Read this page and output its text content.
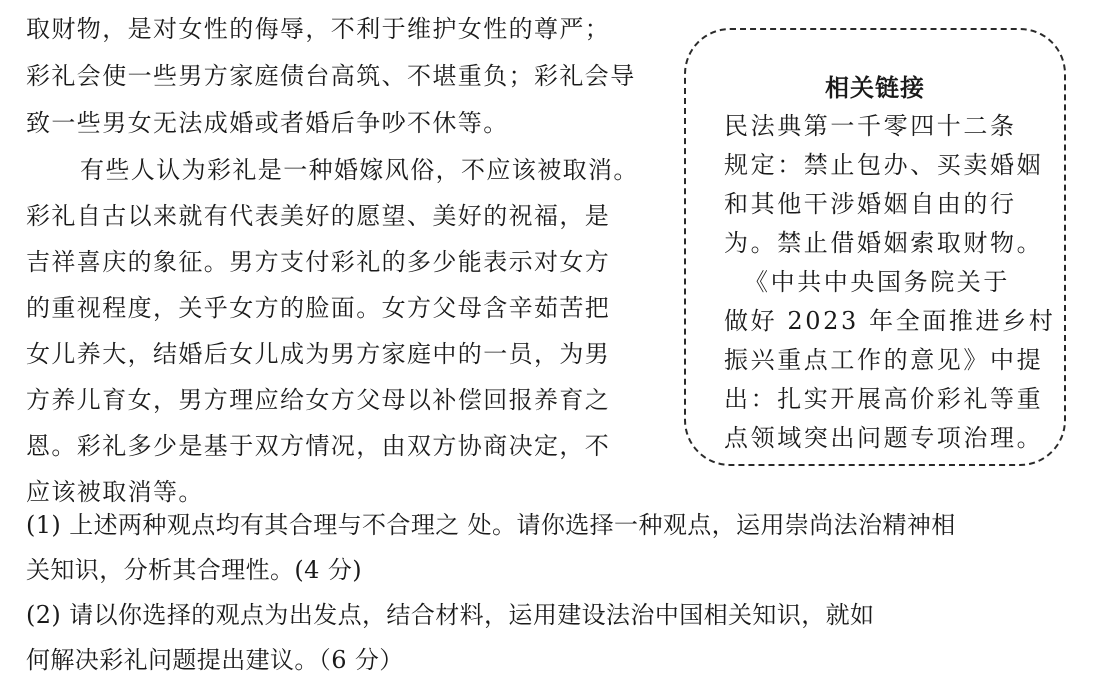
取财物，是对女性的侮辱，不利于维护女性的尊严；
彩礼会使一些男方家庭债台高筑、不堪重负；彩礼会导
致一些男女无法成婚或者婚后争吵不休等。
有些人认为彩礼是一种婚嫁风俗，不应该被取消。
彩礼自古以来就有代表美好的愿望、美好的祝福，是
吉祥喜庆的象征。男方支付彩礼的多少能表示对女方
的重视程度，关乎女方的脸面。女方父母含辛茹苦把
女儿养大，结婚后女儿成为男方家庭中的一员，为男
方养儿育女，男方理应给女方父母以补偿回报养育之
恩。彩礼多少是基于双方情况，由双方协商决定，不
应该被取消等。
相关链接
民法典第一千零四十二条
规定：禁止包办、买卖婚姻
和其他干涉婚姻自由的行
为。禁止借婚姻索取财物。
《中共中央国务院关于
做好 2023 年全面推进乡村
振兴重点工作的意见》中提
出：扎实开展高价彩礼等重
点领域突出问题专项治理。
(1) 上述两种观点均有其合理与不合理之 处。请你选择一种观点，运用崇尚法治精神相
关知识，分析其合理性。(4 分)
(2) 请以你选择的观点为出发点，结合材料，运用建设法治中国相关知识，就如
何解决彩礼问题提出建议。（6 分）
